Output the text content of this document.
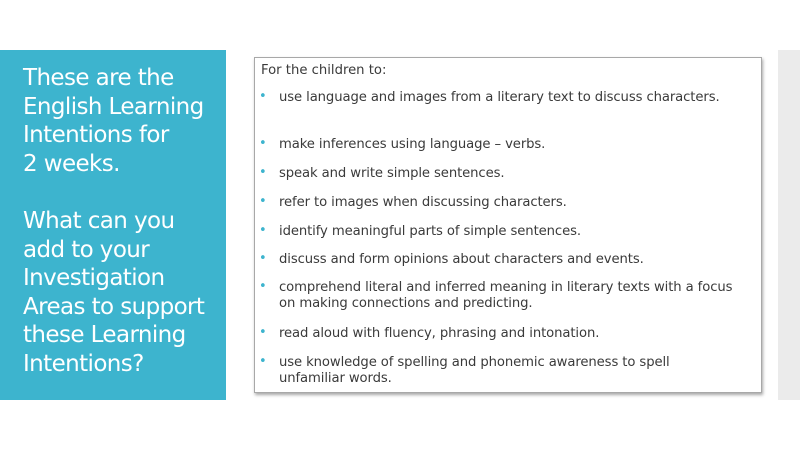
These are the
English Learning
Intentions for
2 weeks.

What can you
add to your
Investigation
Areas to support
these Learning
Intentions?
For the children to:
• use language and images from a literary text to discuss characters.
• make inferences using language – verbs.
• speak and write simple sentences.
• refer to images when discussing characters.
• identify meaningful parts of simple sentences.
• discuss and form opinions about characters and events.
• comprehend literal and inferred meaning in literary texts with a focus on making connections and predicting.
• read aloud with fluency, phrasing and intonation.
• use knowledge of spelling and phonemic awareness to spell unfamiliar words.
